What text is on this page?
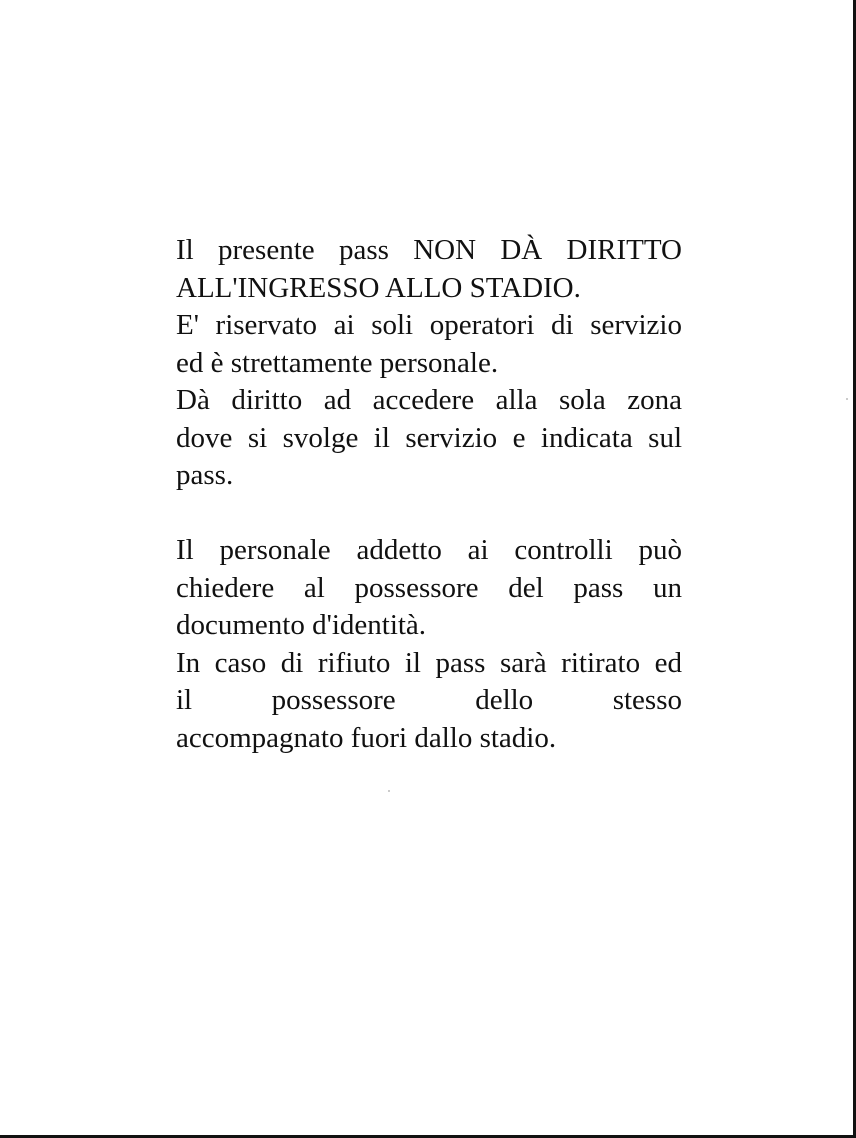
Il presente pass NON DÀ DIRITTO
ALL'INGRESSO ALLO STADIO.
E' riservato ai soli operatori di servizio
ed è strettamente personale.
Dà diritto ad accedere alla sola zona
dove si svolge il servizio e indicata sul
pass.
Il personale addetto ai controlli può
chiedere al possessore del pass un
documento d'identità.
In caso di rifiuto il pass sarà ritirato ed
il possessore dello stesso
accompagnato fuori dallo stadio.
